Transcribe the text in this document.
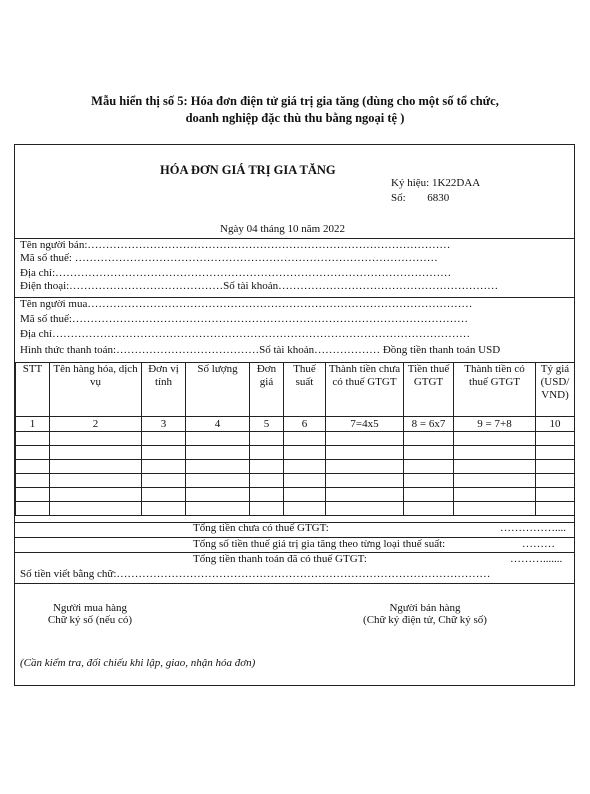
Mẫu hiển thị số 5: Hóa đơn điện tử giá trị gia tăng (dùng cho một số tổ chức,
doanh nghiệp đặc thù thu bằng ngoại tệ )
HÓA ĐƠN GIÁ TRỊ GIA TĂNG
Ký hiệu: 1K22DAA
Số: 6830
Ngày 04 tháng 10 năm 2022
Tên người bán:………………………………………………………………………………………
Mã số thuế: ………………………………………………………………………………………
Địa chỉ:………………………………………………………………………………………………
Điện thoại:……………………………………Số tài khoản……………………………………………………
Tên người mua……………………………………………………………………………………………
Mã số thuế:………………………………………………………………………………………………
Địa chỉ……………………………………………………………………………………………………
Hình thức thanh toán:…………………………………Số tài khoản……………… Đồng tiền thanh toán USD
STT	Tên hàng hóa, dịch vụ	Đơn vị tính	Số lượng	Đơn giá	Thuế suất	Thành tiền chưa có thuế GTGT	Tiền thuế GTGT	Thành tiền có thuế GTGT	Tỷ giá (USD/ VND)
1	2	3	4	5	6	7=4x5	8 = 6x7	9 = 7+8	10

Tổng tiền chưa có thuế GTGT:	……………....
Tổng số tiền thuế giá trị gia tăng theo từng loại thuế suất:	………
Tổng tiền thanh toán đã có thuế GTGT:	……….......
Số tiền viết bằng chữ:…………………………………………………………………………………………
Người mua hàng
Chữ ký số (nếu có)
Người bán hàng
(Chữ ký điện tử, Chữ ký số)
(Cần kiểm tra, đối chiếu khi lập, giao, nhận hóa đơn)
